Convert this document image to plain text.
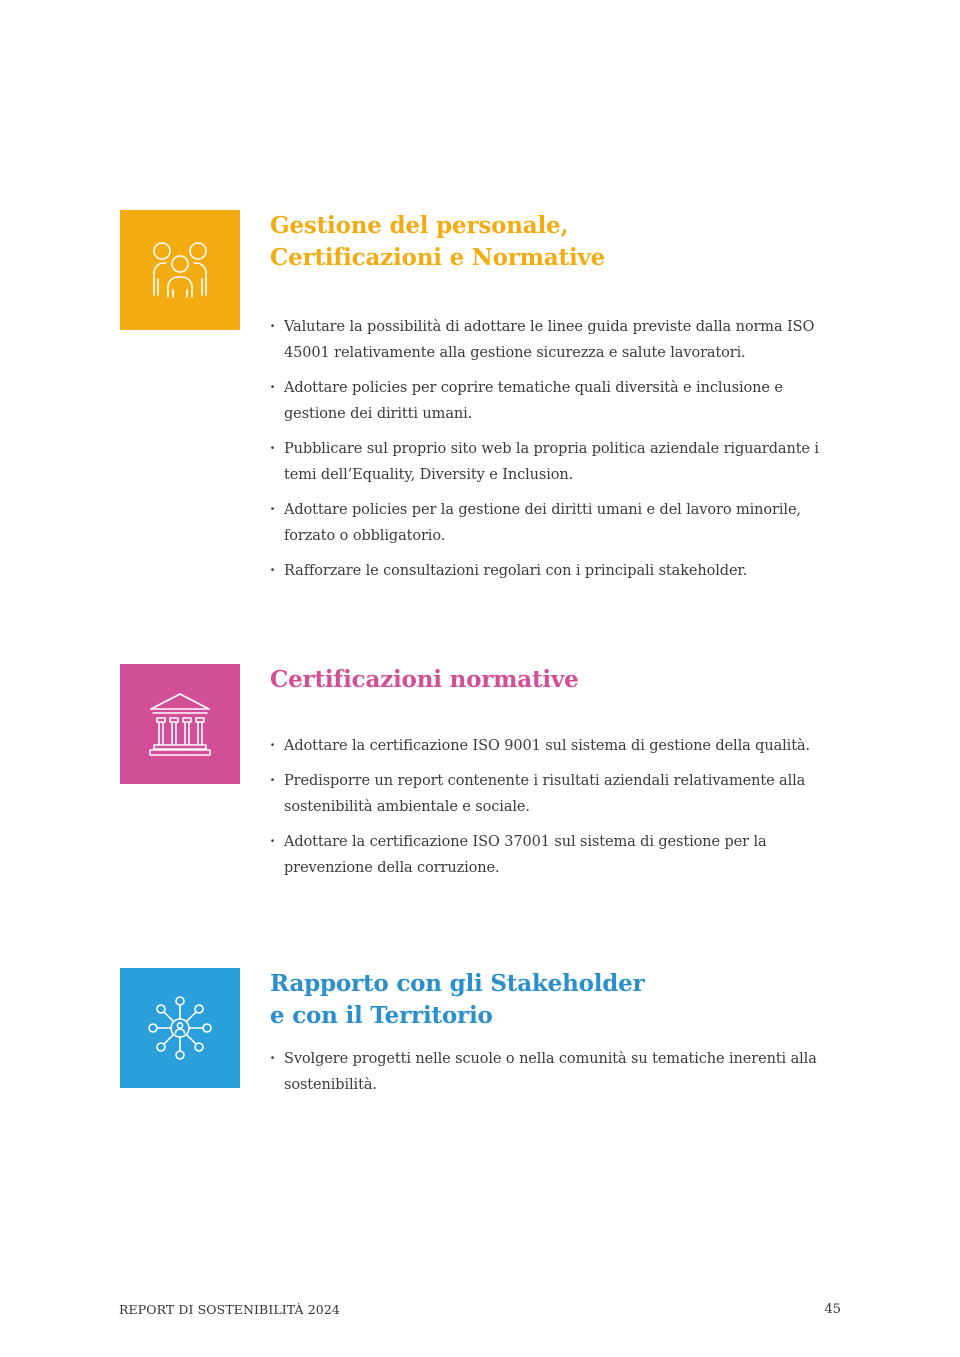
Gestione del personale,
Certificazioni e Normative
· Valutare la possibilità di adottare le linee guida previste dalla norma ISO 45001 relativamente alla gestione sicurezza e salute lavoratori.
· Adottare policies per coprire tematiche quali diversità e inclusione e gestione dei diritti umani.
· Pubblicare sul proprio sito web la propria politica aziendale riguardante i temi dell’Equality, Diversity e Inclusion.
· Adottare policies per la gestione dei diritti umani e del lavoro minorile, forzato o obbligatorio.
· Rafforzare le consultazioni regolari con i principali stakeholder.
Certificazioni normative
· Adottare la certificazione ISO 9001 sul sistema di gestione della qualità.
· Predisporre un report contenente i risultati aziendali relativamente alla sostenibilità ambientale e sociale.
· Adottare la certificazione ISO 37001 sul sistema di gestione per la prevenzione della corruzione.
Rapporto con gli Stakeholder
e con il Territorio
· Svolgere progetti nelle scuole o nella comunità su tematiche inerenti alla sostenibilità.
REPORT DI SOSTENIBILITÀ 2024	45
